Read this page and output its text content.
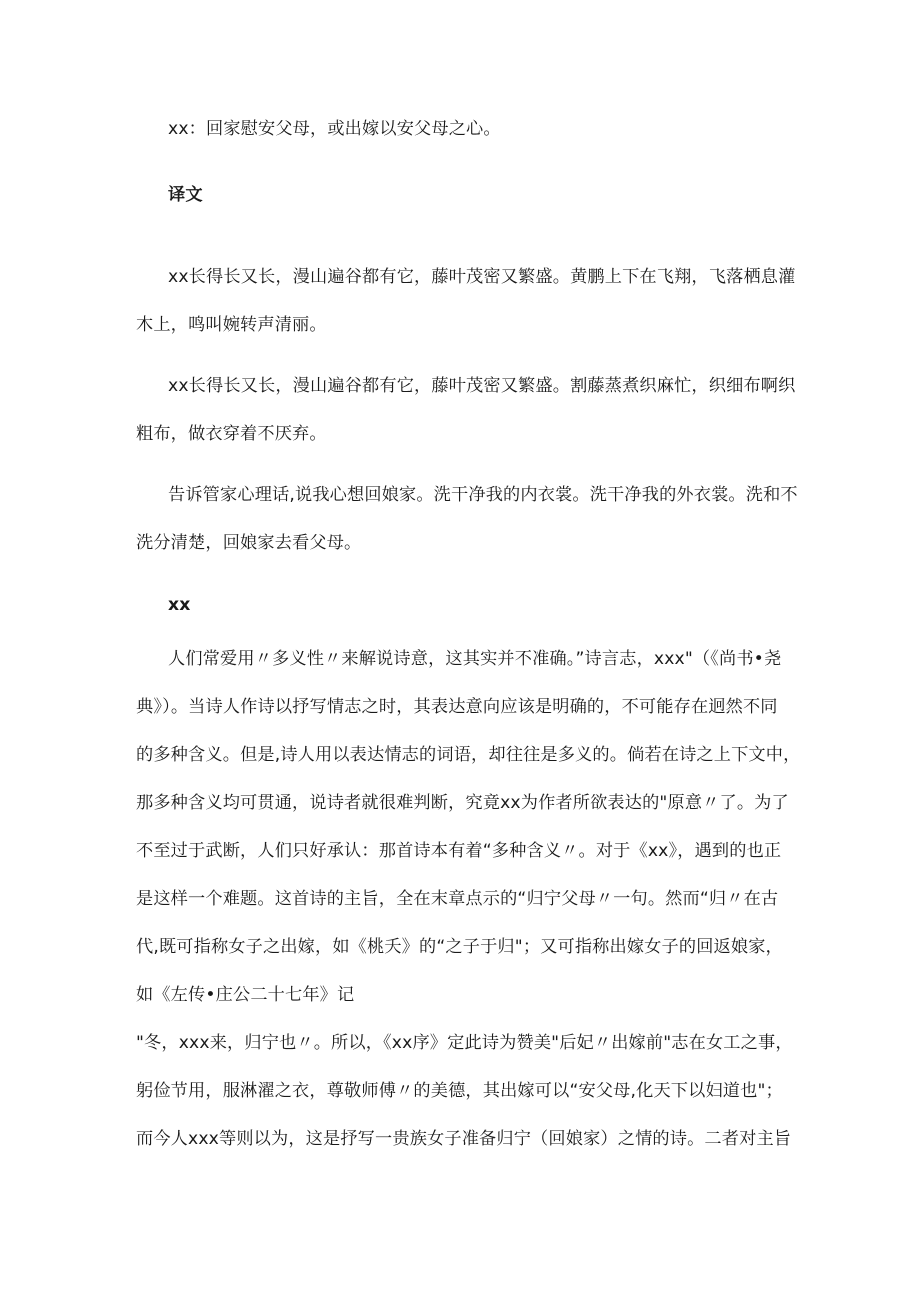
xx：回家慰安父母，或出嫁以安父母之心。
译文
xx长得长又长，漫山遍谷都有它，藤叶茂密又繁盛。黄鹏上下在飞翔，飞落栖息灌
木上，鸣叫婉转声清丽。
xx长得长又长，漫山遍谷都有它，藤叶茂密又繁盛。割藤蒸煮织麻忙，织细布啊织
粗布，做衣穿着不厌弃。
告诉管家心理话,说我心想回娘家。洗干净我的内衣裳。洗干净我的外衣裳。洗和不
洗分清楚，回娘家去看父母。
xx
人们常爱用〃多义性〃来解说诗意，这其实并不准确。”诗言志，xxx"（《尚书•尧
典》）。当诗人作诗以抒写情志之时，其表达意向应该是明确的，不可能存在迥然不同
的多种含义。但是,诗人用以表达情志的词语，却往往是多义的。倘若在诗之上下文中，
那多种含义均可贯通，说诗者就很难判断，究竟xx为作者所欲表达的"原意〃了。为了
不至过于武断，人们只好承认：那首诗本有着“多种含义〃。对于《xx》，遇到的也正
是这样一个难题。这首诗的主旨，全在末章点示的“归宁父母〃一句。然而“归〃在古
代,既可指称女子之出嫁，如《桃夭》的“之子于归"；又可指称出嫁女子的回返娘家，
如《左传•庄公二十七年》记
"冬，xxx来，归宁也〃。所以，《xx序》定此诗为赞美"后妃〃出嫁前"志在女工之事，
躬俭节用，服淋濯之衣，尊敬师傅〃的美德，其出嫁可以“安父母,化天下以妇道也"；
而今人xxx等则以为，这是抒写一贵族女子准备归宁（回娘家）之情的诗。二者对主旨
